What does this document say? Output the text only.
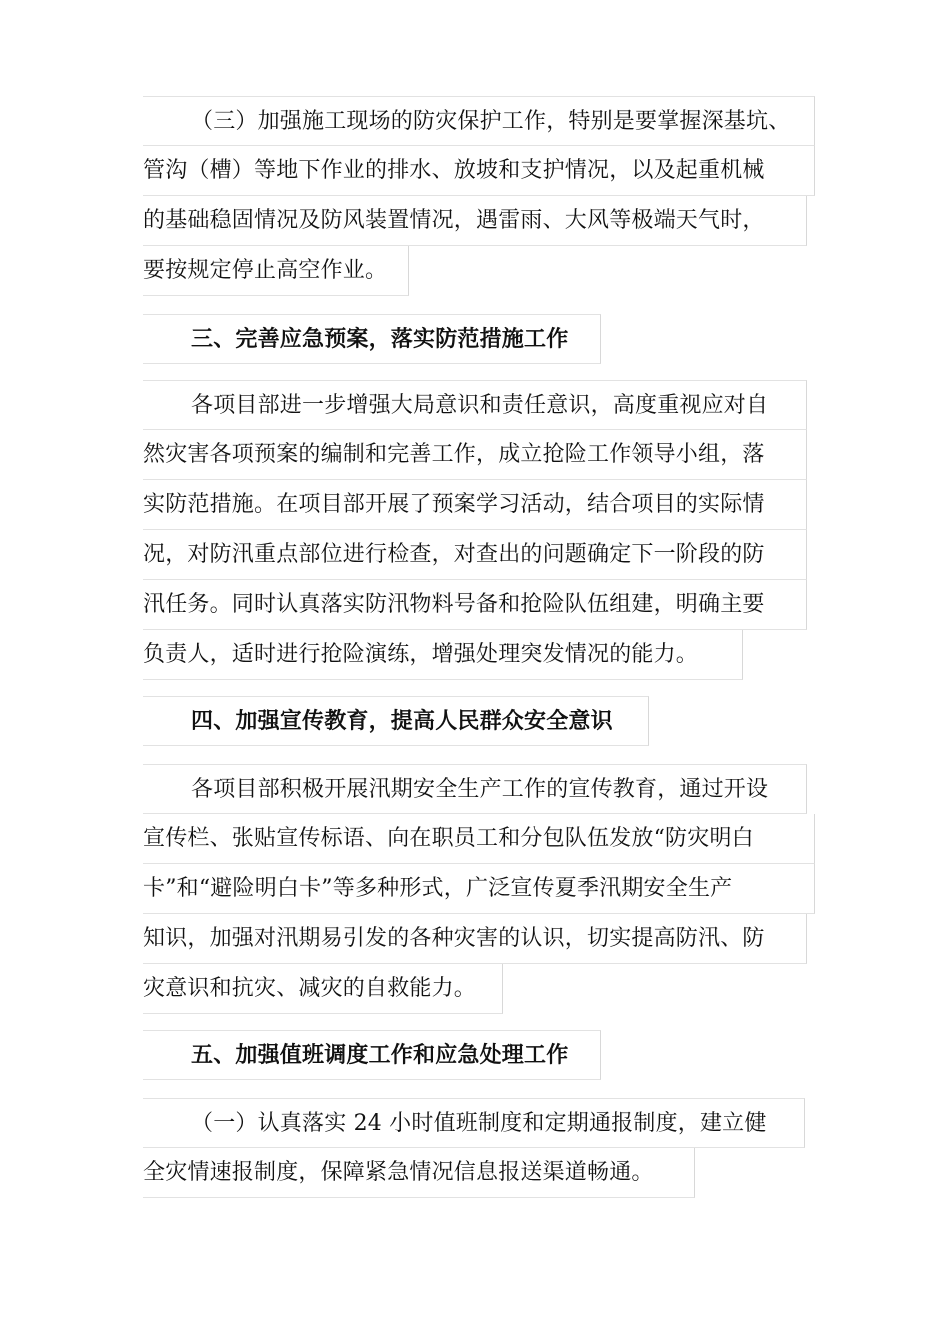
（三）加强施工现场的防灾保护工作，特别是要掌握深基坑、
管沟（槽）等地下作业的排水、放坡和支护情况，以及起重机械
的基础稳固情况及防风装置情况，遇雷雨、大风等极端天气时，
要按规定停止高空作业。
三、完善应急预案，落实防范措施工作
各项目部进一步增强大局意识和责任意识，高度重视应对自
然灾害各项预案的编制和完善工作，成立抢险工作领导小组，落
实防范措施。在项目部开展了预案学习活动，结合项目的实际情
况，对防汛重点部位进行检查，对查出的问题确定下一阶段的防
汛任务。同时认真落实防汛物料号备和抢险队伍组建，明确主要
负责人，适时进行抢险演练，增强处理突发情况的能力。
四、加强宣传教育，提高人民群众安全意识
各项目部积极开展汛期安全生产工作的宣传教育，通过开设
宣传栏、张贴宣传标语、向在职员工和分包队伍发放“防灾明白
卡”和“避险明白卡”等多种形式，广泛宣传夏季汛期安全生产
知识，加强对汛期易引发的各种灾害的认识，切实提高防汛、防
灾意识和抗灾、减灾的自救能力。
五、加强值班调度工作和应急处理工作
（一）认真落实 24 小时值班制度和定期通报制度，建立健
全灾情速报制度，保障紧急情况信息报送渠道畅通。
